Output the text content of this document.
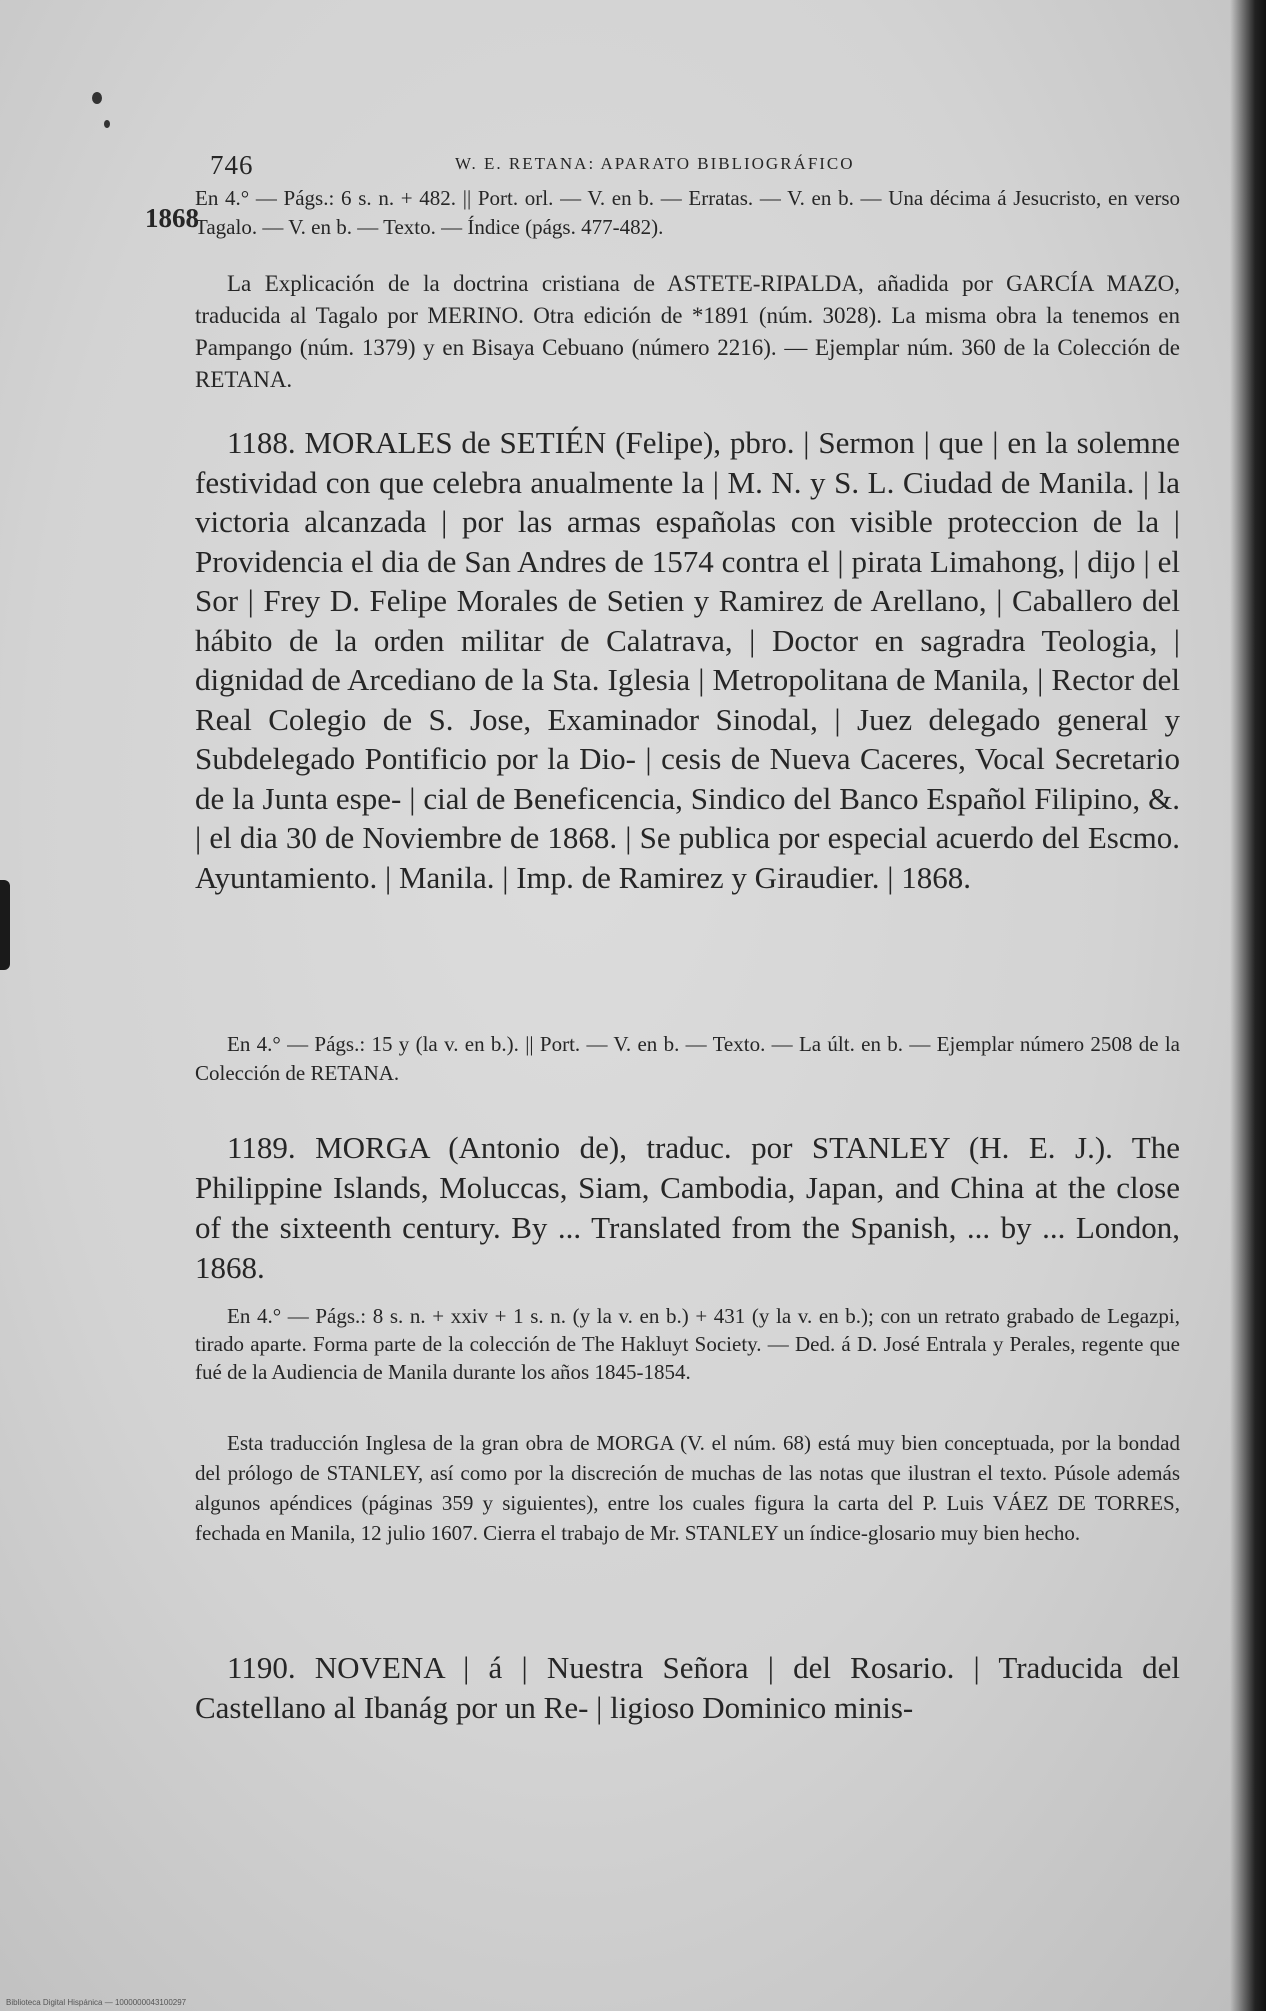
746	W. E. RETANA: APARATO BIBLIOGRÁFICO
1868

En 4.° — Págs.: 6 s. n. + 482. || Port. orl. — V. en b. — Erratas. — V. en b. — Una décima á Jesucristo, en verso Tagalo. — V. en b. — Texto. — Índice (págs. 477-482).

La Explicación de la doctrina cristiana de ASTETE-RIPALDA, añadida por GARCÍA MAZO, traducida al Tagalo por MERINO. Otra edición de *1891 (núm. 3028). La misma obra la tenemos en Pampango (núm. 1379) y en Bisaya Cebuano (número 2216). — Ejemplar núm. 360 de la Colección de RETANA.

1188. MORALES de SETIÉN (Felipe), pbro. | Sermon | que | en la solemne festividad con que celebra anualmente la | M. N. y S. L. Ciudad de Manila. | la victoria alcanzada | por las armas españolas con visible proteccion de la | Providencia el dia de San Andres de 1574 contra el | pirata Limahong, | dijo | el Sor | Frey D. Felipe Morales de Setien y Ramirez de Arellano, | Caballero del hábito de la orden militar de Calatrava, | Doctor en sagradra Teologia, | dignidad de Arcediano de la Sta. Iglesia | Metropolitana de Manila, | Rector del Real Colegio de S. Jose, Examinador Sinodal, | Juez delegado general y Subdelegado Pontificio por la Dio- | cesis de Nueva Caceres, Vocal Secretario de la Junta espe- | cial de Beneficencia, Sindico del Banco Español Filipino, &. | el dia 30 de Noviembre de 1868. | Se publica por especial acuerdo del Escmo. Ayuntamiento. | Manila. | Imp. de Ramirez y Giraudier. | 1868.

En 4.° — Págs.: 15 y (la v. en b.). || Port. — V. en b. — Texto. — La últ. en b. — Ejemplar número 2508 de la Colección de RETANA.

1189. MORGA (Antonio de), traduc. por STANLEY (H. E. J.). The Philippine Islands, Moluccas, Siam, Cambodia, Japan, and China at the close of the sixteenth century. By ... Translated from the Spanish, ... by ... London, 1868.

En 4.° — Págs.: 8 s. n. + xxiv + 1 s. n. (y la v. en b.) + 431 (y la v. en b.); con un retrato grabado de Legazpi, tirado aparte. Forma parte de la colección de The Hakluyt Society. — Ded. á D. José Entrala y Perales, regente que fué de la Audiencia de Manila durante los años 1845-1854.

Esta traducción Inglesa de la gran obra de MORGA (V. el núm. 68) está muy bien conceptuada, por la bondad del prólogo de STANLEY, así como por la discreción de muchas de las notas que ilustran el texto. Púsole además algunos apéndices (páginas 359 y siguientes), entre los cuales figura la carta del P. Luis VÁEZ DE TORRES, fechada en Manila, 12 julio 1607. Cierra el trabajo de Mr. STANLEY un índice-glosario muy bien hecho.

1190. NOVENA | á | Nuestra Señora | del Rosario. | Traducida del Castellano al Ibanág por un Re- | ligioso Dominico minis-

Biblioteca Digital Hispánica — 1000000043100297
